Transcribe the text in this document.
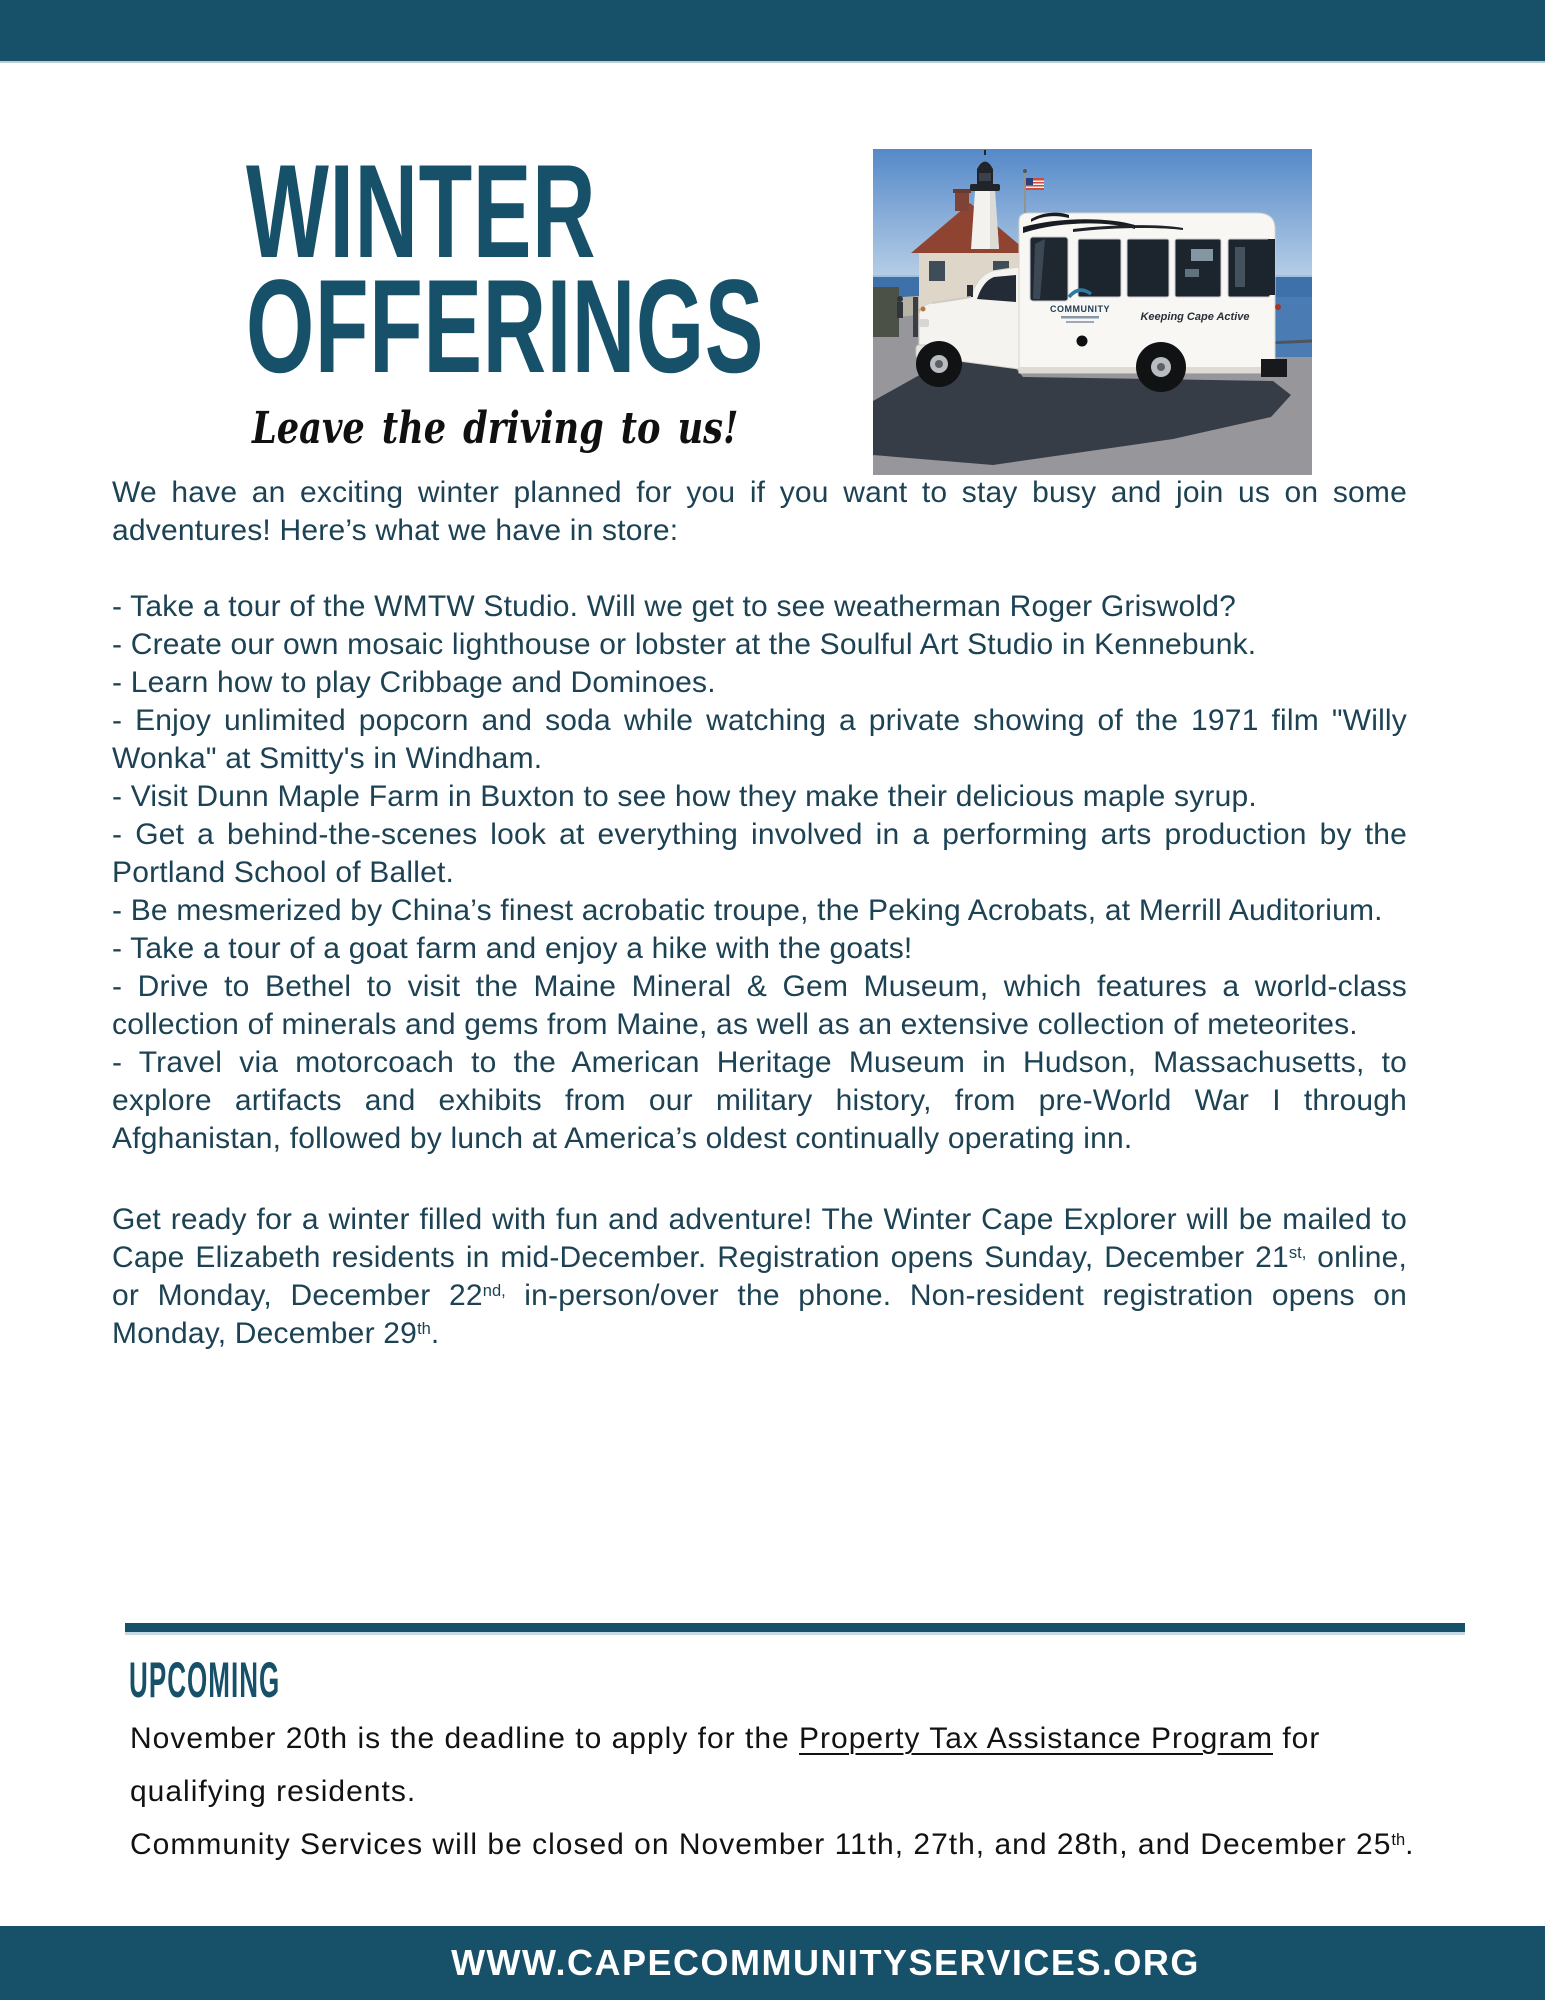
WINTER
OFFERINGS
Leave the driving to us!
COMMUNITY
Keeping Cape Active

We have an exciting winter planned for you if you want to stay busy and join us on some adventures! Here’s what we have in store:

- Take a tour of the WMTW Studio. Will we get to see weatherman Roger Griswold?

- Create our own mosaic lighthouse or lobster at the Soulful Art Studio in Kennebunk.

- Learn how to play Cribbage and Dominoes.

- Enjoy unlimited popcorn and soda while watching a private showing of the 1971 film "Willy Wonka" at Smitty's in Windham.

- Visit Dunn Maple Farm in Buxton to see how they make their delicious maple syrup.

- Get a behind-the-scenes look at everything involved in a performing arts production by the Portland School of Ballet.

- Be mesmerized by China’s finest acrobatic troupe, the Peking Acrobats, at Merrill Auditorium.

- Take a tour of a goat farm and enjoy a hike with the goats!

- Drive to Bethel to visit the Maine Mineral & Gem Museum, which features a world-class collection of minerals and gems from Maine, as well as an extensive collection of meteorites.

- Travel via motorcoach to the American Heritage Museum in Hudson, Massachusetts, to explore artifacts and exhibits from our military history, from pre-World War I through Afghanistan, followed by lunch at America’s oldest continually operating inn.

Get ready for a winter filled with fun and adventure! The Winter Cape Explorer will be mailed to Cape Elizabeth residents in mid-December. Registration opens Sunday, December $21^{st,}$ online, or Monday, December $22^{nd,}$ in-person/over the phone. Non-resident registration opens on Monday, December 29th.

UPCOMING

November 20th is the deadline to apply for the Property Tax Assistance Program for qualifying residents.

Community Services will be closed on November 11th, 27th, and 28th, and December 25th.

WWW.CAPECOMMUNITYSERVICES.ORG
